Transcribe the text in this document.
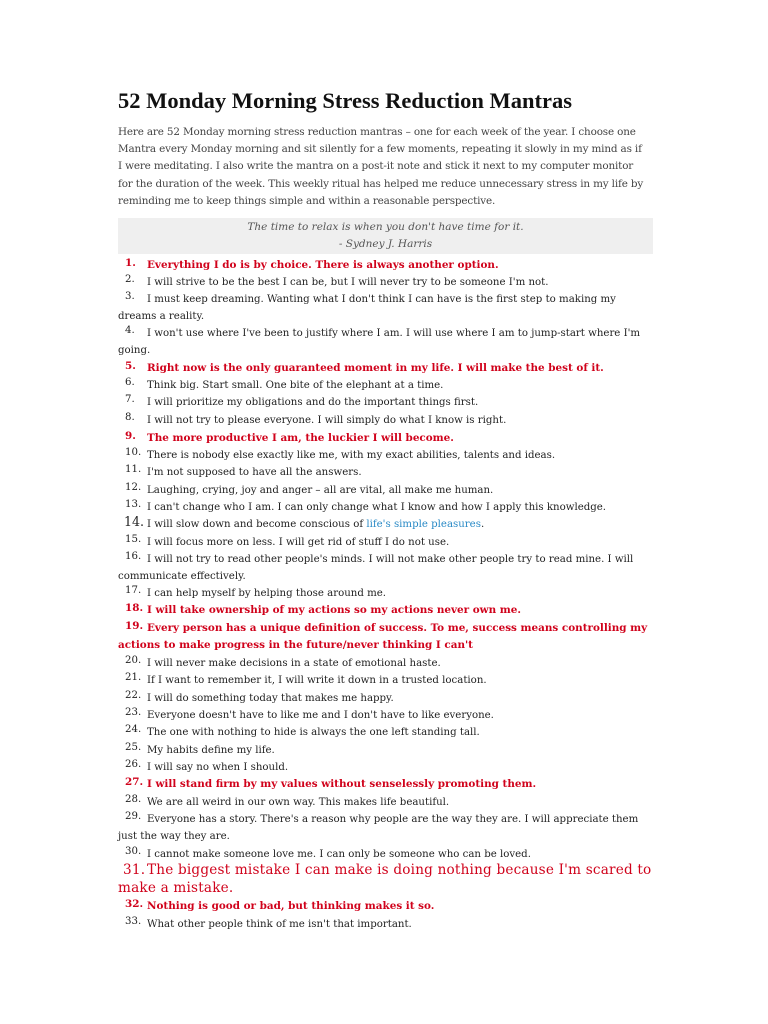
52 Monday Morning Stress Reduction Mantras

Here are 52 Monday morning stress reduction mantras – one for each week of the year. I choose one Mantra every Monday morning and sit silently for a few moments, repeating it slowly in my mind as if I were meditating. I also write the mantra on a post-it note and stick it next to my computer monitor for the duration of the week. This weekly ritual has helped me reduce unnecessary stress in my life by reminding me to keep things simple and within a reasonable perspective.

The time to relax is when you don't have time for it.
- Sydney J. Harris
1.	Everything I do is by choice. There is always another option.
2.	I will strive to be the best I can be, but I will never try to be someone I'm not.
3.	I must keep dreaming. Wanting what I don't think I can have is the first step to making my dreams a reality.
4.	I won't use where I've been to justify where I am. I will use where I am to jump-start where I'm going.
5.	Right now is the only guaranteed moment in my life. I will make the best of it.
6.	Think big. Start small. One bite of the elephant at a time.
7.	I will prioritize my obligations and do the important things first.
8.	I will not try to please everyone. I will simply do what I know is right.
9.	The more productive I am, the luckier I will become.
10. There is nobody else exactly like me, with my exact abilities, talents and ideas.
11. I'm not supposed to have all the answers.
12. Laughing, crying, joy and anger – all are vital, all make me human.
13. I can't change who I am. I can only change what I know and how I apply this knowledge.
14. I will slow down and become conscious of life's simple pleasures.
15. I will focus more on less. I will get rid of stuff I do not use.
16. I will not try to read other people's minds. I will not make other people try to read mine. I will communicate effectively.
17. I can help myself by helping those around me.
18. I will take ownership of my actions so my actions never own me.
19. Every person has a unique definition of success. To me, success means controlling my actions to make progress in the future/never thinking I can't
20. I will never make decisions in a state of emotional haste.
21. If I want to remember it, I will write it down in a trusted location.
22. I will do something today that makes me happy.
23. Everyone doesn't have to like me and I don't have to like everyone.
24. The one with nothing to hide is always the one left standing tall.
25. My habits define my life.
26. I will say no when I should.
27. I will stand firm by my values without senselessly promoting them.
28. We are all weird in our own way. This makes life beautiful.
29. Everyone has a story. There's a reason why people are the way they are. I will appreciate them just the way they are.
30. I cannot make someone love me. I can only be someone who can be loved.
31. The biggest mistake I can make is doing nothing because I'm scared to make a mistake.
32. Nothing is good or bad, but thinking makes it so.
33. What other people think of me isn't that important.
